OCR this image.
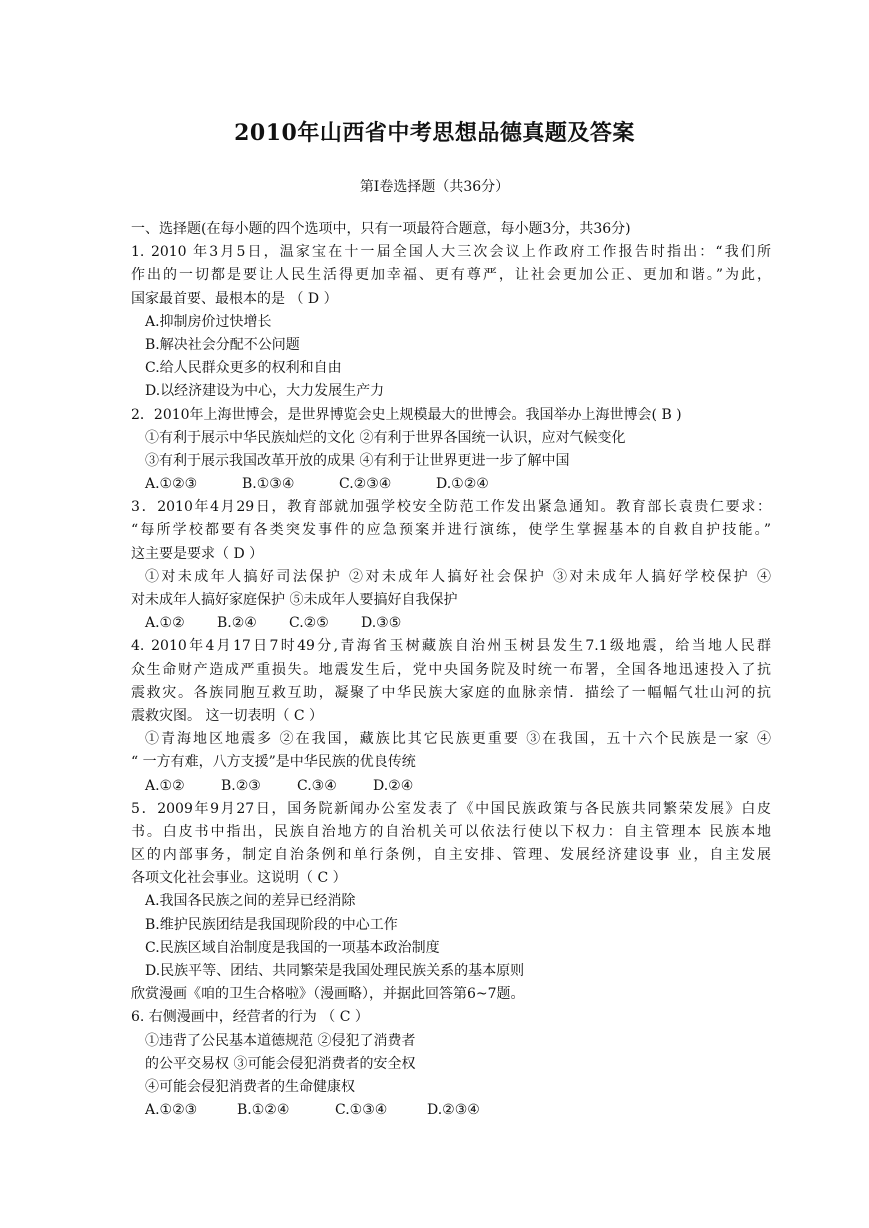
2010年山西省中考思想品德真题及答案
第Ⅰ卷选择题（共36分）
一、选择题(在每小题的四个选项中，只有一项最符合题意，每小题3分，共36分)
1. 2010 年3月5日，温家宝在十一届全国人大三次会议上作政府工作报告时指出：“我们所
作出的一切都是要让人民生活得更加幸福、更有尊严，让社会更加公正、更加和谐。”为此，
国家最首要、最根本的是 （ D ）
A.抑制房价过快增长
B.解决社会分配不公问题
C.给人民群众更多的权利和自由
D.以经济建设为中心，大力发展生产力
2．2010年上海世博会，是世界博览会史上规模最大的世博会。我国举办上海世博会( B )
①有利于展示中华民族灿烂的文化 ②有利于世界各国统一认识，应对气候变化
③有利于展示我国改革开放的成果 ④有利于让世界更进一步了解中国
A.①②③	B.①③④	C.②③④	D.①②④
3．2010年4月29日，教育部就加强学校安全防范工作发出紧急通知。教育部长袁贵仁要求：
“每所学校都要有各类突发事件的应急预案并进行演练，使学生掌握基本的自救自护技能。”
这主要是要求（ D ）
①对未成年人搞好司法保护 ②对未成年人搞好社会保护 ③对未成年人搞好学校保护 ④
对未成年人搞好家庭保护 ⑤未成年人要搞好自我保护
A.①② B.②④ C.②⑤ D.③⑤
4. 2010年4月17日7时49分,青海省玉树藏族自治州玉树县发生7.1级地震，给当地人民群
众生命财产造成严重损失。地震发生后，党中央国务院及时统一布署，全国各地迅速投入了抗
震救灾。各族同胞互救互助，凝聚了中华民族大家庭的血脉亲情．描绘了一幅幅气壮山河的抗
震救灾图。 这一切表明（ C ）
①青海地区地震多 ②在我国，藏族比其它民族更重要 ③在我国，五十六个民族是一家 ④
“ 一方有难，八方支援”是中华民族的优良传统
A.①②	B.②③	C.③④	D.②④
5．2009年9月27日，国务院新闻办公室发表了《中国民族政策与各民族共同繁荣发展》白皮
书。白皮书中指出，民族自治地方的自治机关可以依法行使以下权力：自主管理本 民族本地
区的内部事务，制定自治条例和单行条例，自主安排、管理、发展经济建设事 业，自主发展
各项文化社会事业。这说明（ C ）
A.我国各民族之间的差异已经消除
B.维护民族团结是我国现阶段的中心工作
C.民族区域自治制度是我国的一项基本政治制度
D.民族平等、团结、共同繁荣是我国处理民族关系的基本原则
欣赏漫画《咱的卫生合格啦》（漫画略），并据此回答第6~7题。
6. 右侧漫画中，经营者的行为 （ C ）
①违背了公民基本道德规范 ②侵犯了消费者
的公平交易权 ③可能会侵犯消费者的安全权
④可能会侵犯消费者的生命健康权
A.①②③	B.①②④	C.①③④	D.②③④
